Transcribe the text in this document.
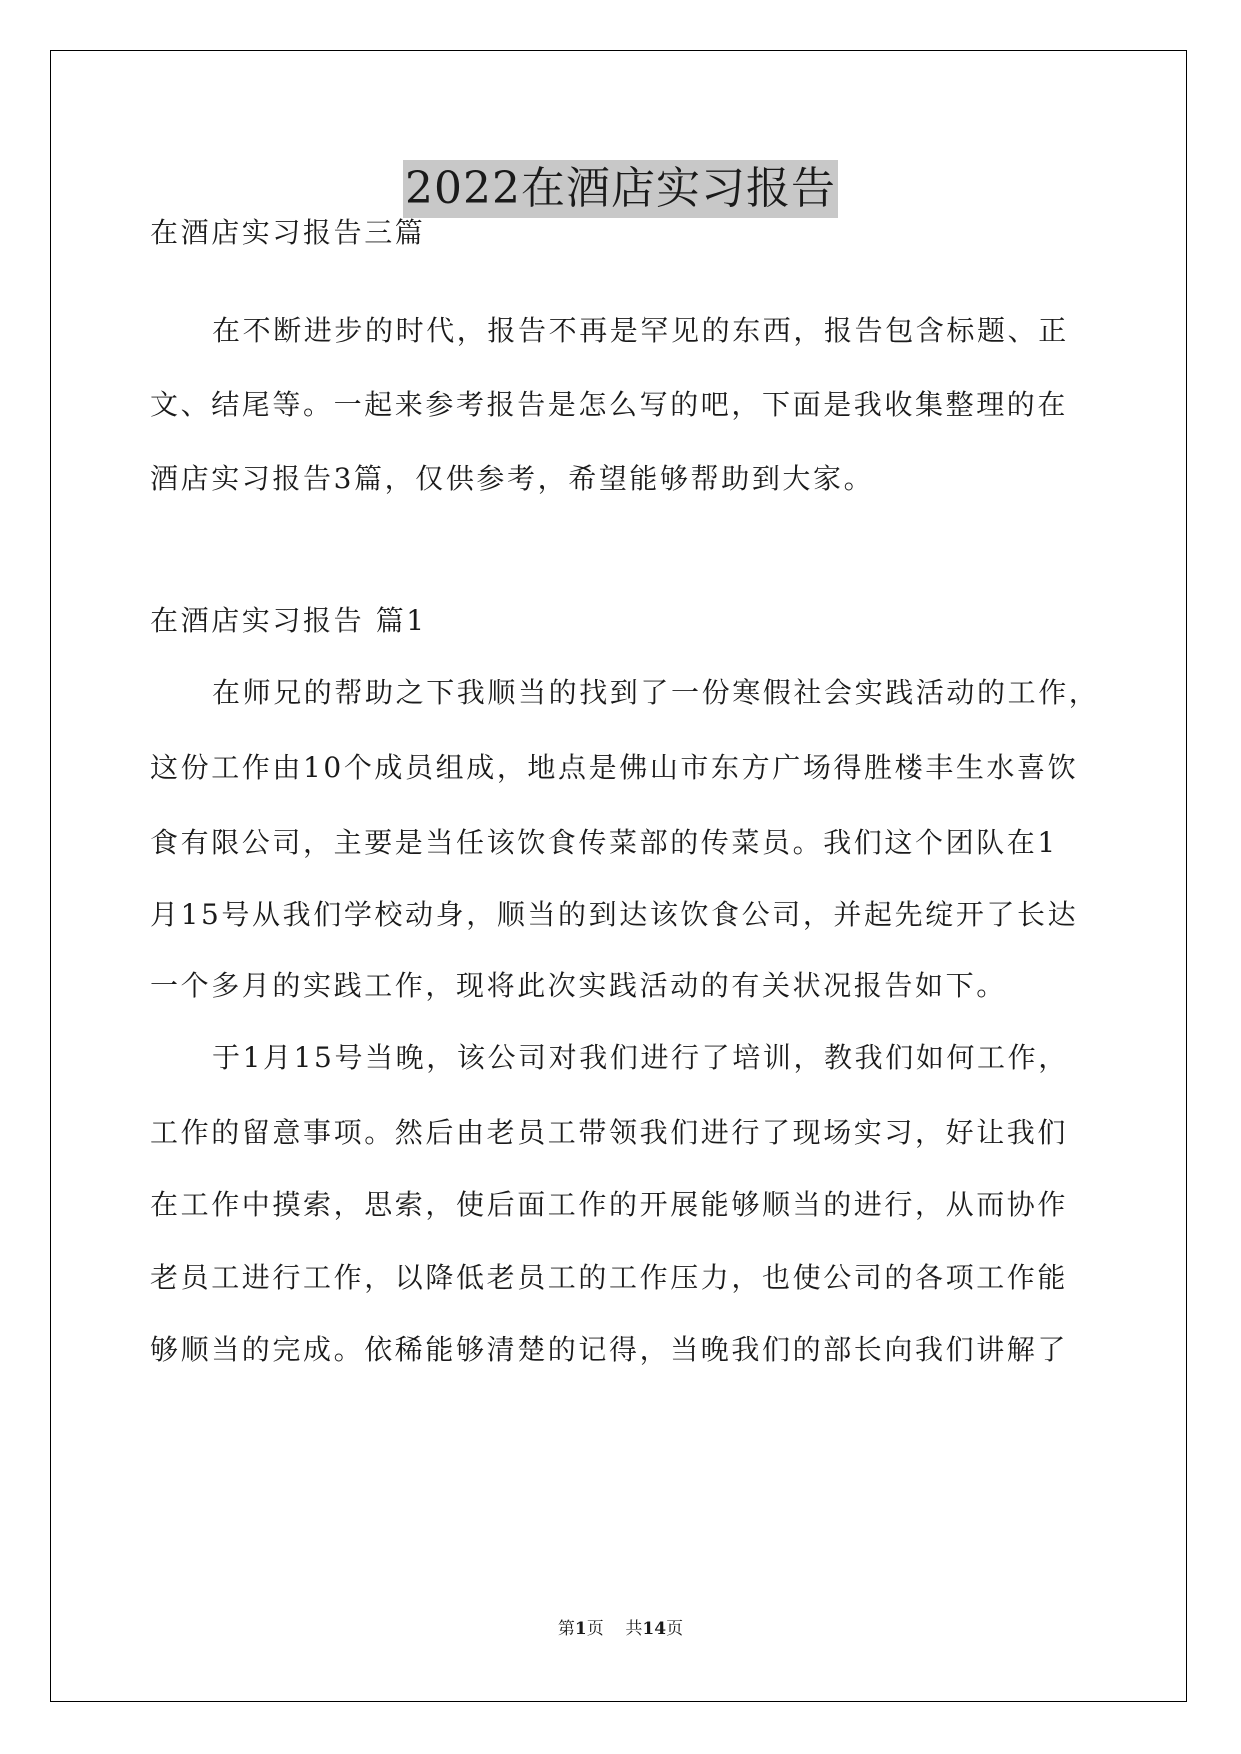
2022在酒店实习报告
在酒店实习报告三篇
在不断进步的时代，报告不再是罕见的东西，报告包含标题、正
文、结尾等。一起来参考报告是怎么写的吧，下面是我收集整理的在
酒店实习报告3篇，仅供参考，希望能够帮助到大家。
在酒店实习报告 篇1
在师兄的帮助之下我顺当的找到了一份寒假社会实践活动的工作，
这份工作由10个成员组成，地点是佛山市东方广场得胜楼丰生水喜饮
食有限公司，主要是当任该饮食传菜部的传菜员。我们这个团队在1
月15号从我们学校动身，顺当的到达该饮食公司，并起先绽开了长达
一个多月的实践工作，现将此次实践活动的有关状况报告如下。
于1月15号当晚，该公司对我们进行了培训，教我们如何工作，
工作的留意事项。然后由老员工带领我们进行了现场实习，好让我们
在工作中摸索，思索，使后面工作的开展能够顺当的进行，从而协作
老员工进行工作，以降低老员工的工作压力，也使公司的各项工作能
够顺当的完成。依稀能够清楚的记得，当晚我们的部长向我们讲解了
第1页 共14页
